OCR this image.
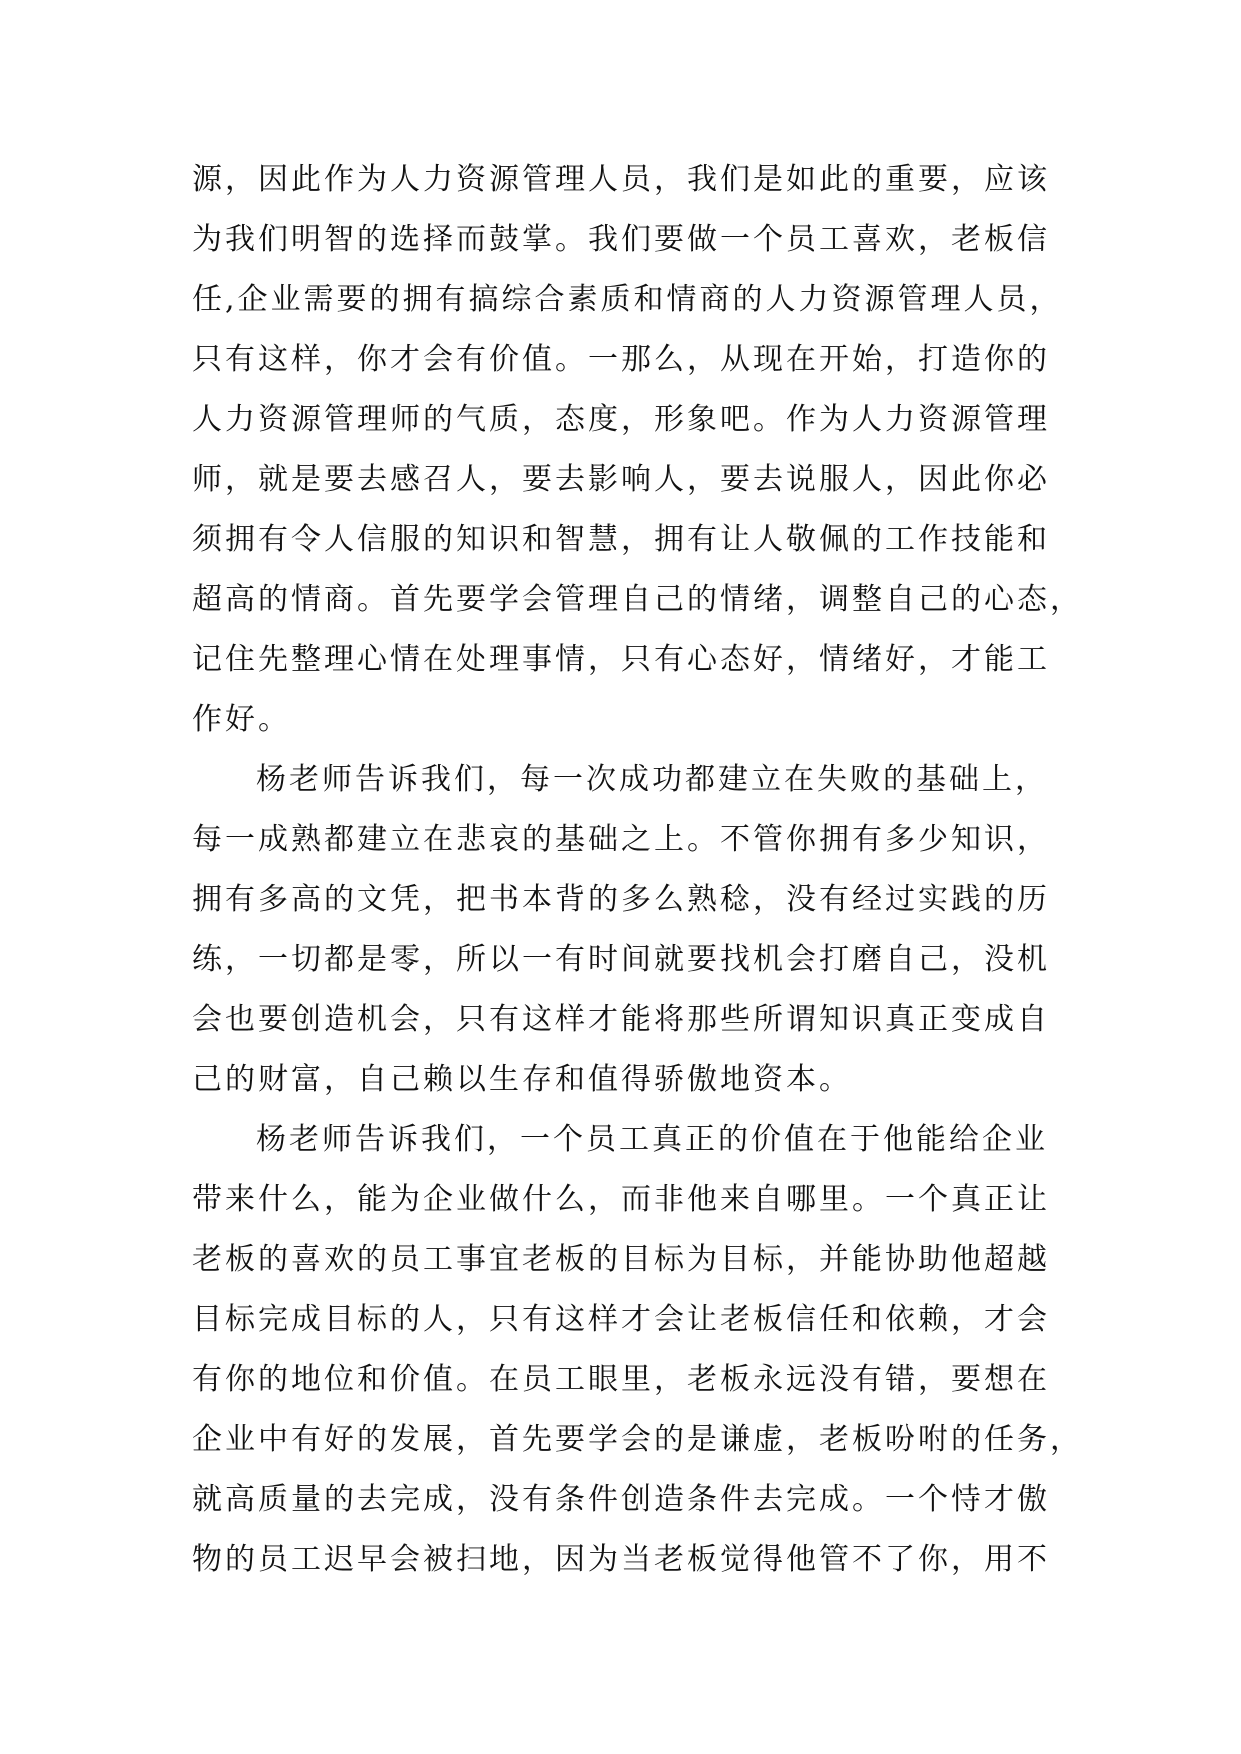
源，因此作为人力资源管理人员，我们是如此的重要，应该
为我们明智的选择而鼓掌。我们要做一个员工喜欢，老板信
任,企业需要的拥有搞综合素质和情商的人力资源管理人员，
只有这样，你才会有价值。一那么，从现在开始，打造你的
人力资源管理师的气质，态度，形象吧。作为人力资源管理
师，就是要去感召人，要去影响人，要去说服人，因此你必
须拥有令人信服的知识和智慧，拥有让人敬佩的工作技能和
超高的情商。首先要学会管理自己的情绪，调整自己的心态，
记住先整理心情在处理事情，只有心态好，情绪好，才能工
作好。
杨老师告诉我们，每一次成功都建立在失败的基础上，
每一成熟都建立在悲哀的基础之上。不管你拥有多少知识，
拥有多高的文凭，把书本背的多么熟稔，没有经过实践的历
练，一切都是零，所以一有时间就要找机会打磨自己，没机
会也要创造机会，只有这样才能将那些所谓知识真正变成自
己的财富，自己赖以生存和值得骄傲地资本。
杨老师告诉我们，一个员工真正的价值在于他能给企业
带来什么，能为企业做什么，而非他来自哪里。一个真正让
老板的喜欢的员工事宜老板的目标为目标，并能协助他超越
目标完成目标的人，只有这样才会让老板信任和依赖，才会
有你的地位和价值。在员工眼里，老板永远没有错，要想在
企业中有好的发展，首先要学会的是谦虚，老板吩咐的任务，
就高质量的去完成，没有条件创造条件去完成。一个恃才傲
物的员工迟早会被扫地，因为当老板觉得他管不了你，用不
